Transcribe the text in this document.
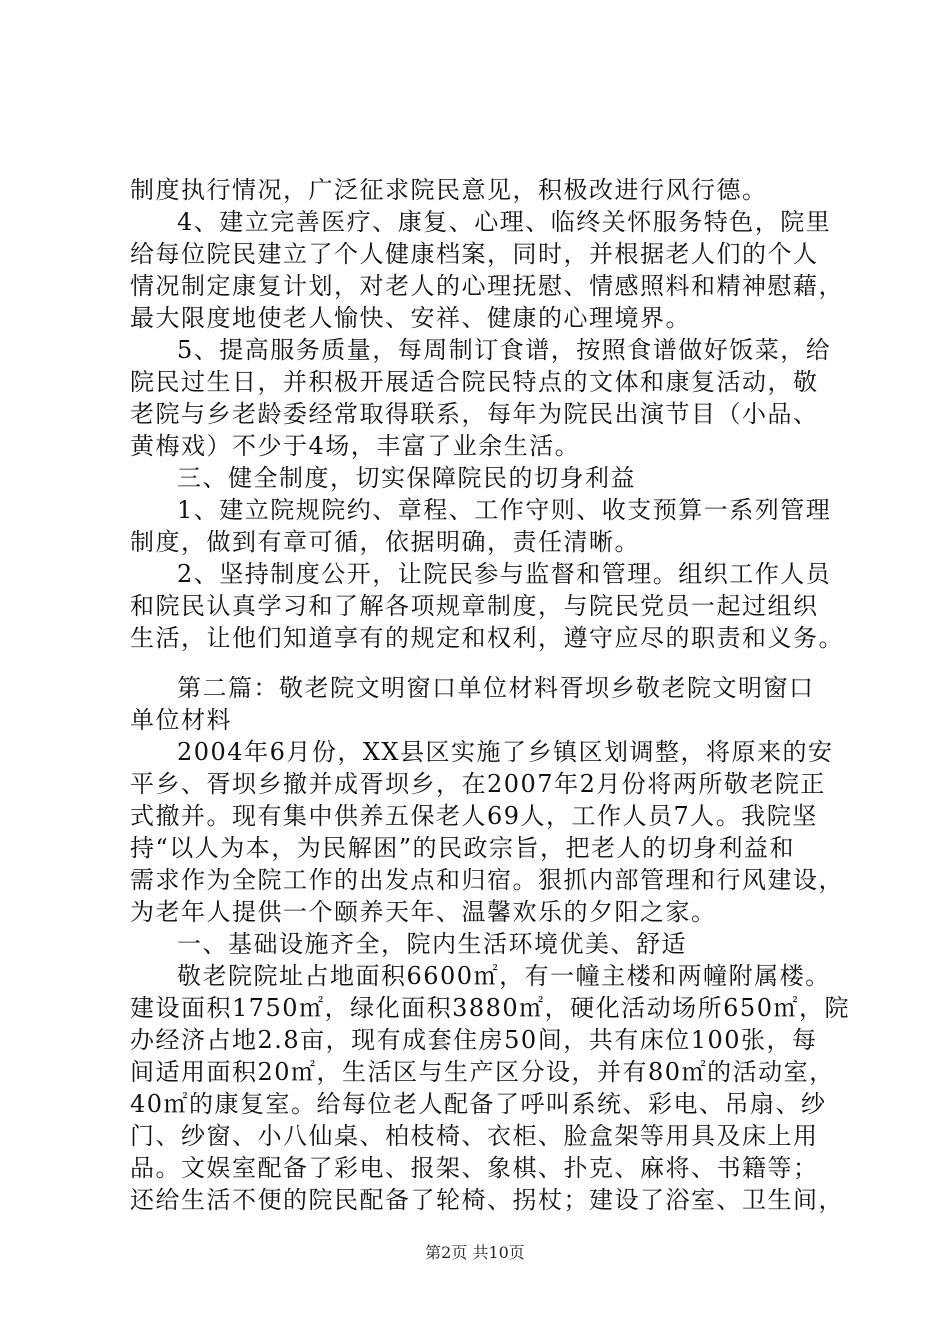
制度执行情况，广泛征求院民意见，积极改进行风行德。
4、建立完善医疗、康复、心理、临终关怀服务特色，院里
给每位院民建立了个人健康档案，同时，并根据老人们的个人
情况制定康复计划，对老人的心理抚慰、情感照料和精神慰藉，
最大限度地使老人愉快、安祥、健康的心理境界。
5、提高服务质量，每周制订食谱，按照食谱做好饭菜，给
院民过生日，并积极开展适合院民特点的文体和康复活动，敬
老院与乡老龄委经常取得联系，每年为院民出演节目（小品、
黄梅戏）不少于4场，丰富了业余生活。
三、健全制度，切实保障院民的切身利益
1、建立院规院约、章程、工作守则、收支预算一系列管理
制度，做到有章可循，依据明确，责任清晰。
2、坚持制度公开，让院民参与监督和管理。组织工作人员
和院民认真学习和了解各项规章制度，与院民党员一起过组织
生活，让他们知道享有的规定和权利，遵守应尽的职责和义务。
第二篇：敬老院文明窗口单位材料胥坝乡敬老院文明窗口
单位材料
2004年6月份，XX县区实施了乡镇区划调整，将原来的安
平乡、胥坝乡撤并成胥坝乡，在2007年2月份将两所敬老院正
式撤并。现有集中供养五保老人69人，工作人员7人。我院坚
持“以人为本，为民解困”的民政宗旨，把老人的切身利益和
需求作为全院工作的出发点和归宿。狠抓内部管理和行风建设，
为老年人提供一个颐养天年、温馨欢乐的夕阳之家。
一、基础设施齐全，院内生活环境优美、舒适
敬老院院址占地面积6600㎡，有一幢主楼和两幢附属楼。
建设面积1750㎡，绿化面积3880㎡，硬化活动场所650㎡，院
办经济占地2.8亩，现有成套住房50间，共有床位100张，每
间适用面积20㎡，生活区与生产区分设，并有80㎡的活动室，
40㎡的康复室。给每位老人配备了呼叫系统、彩电、吊扇、纱
门、纱窗、小八仙桌、柏枝椅、衣柜、脸盒架等用具及床上用
品。文娱室配备了彩电、报架、象棋、扑克、麻将、书籍等；
还给生活不便的院民配备了轮椅、拐杖；建设了浴室、卫生间，
第2页 共10页
